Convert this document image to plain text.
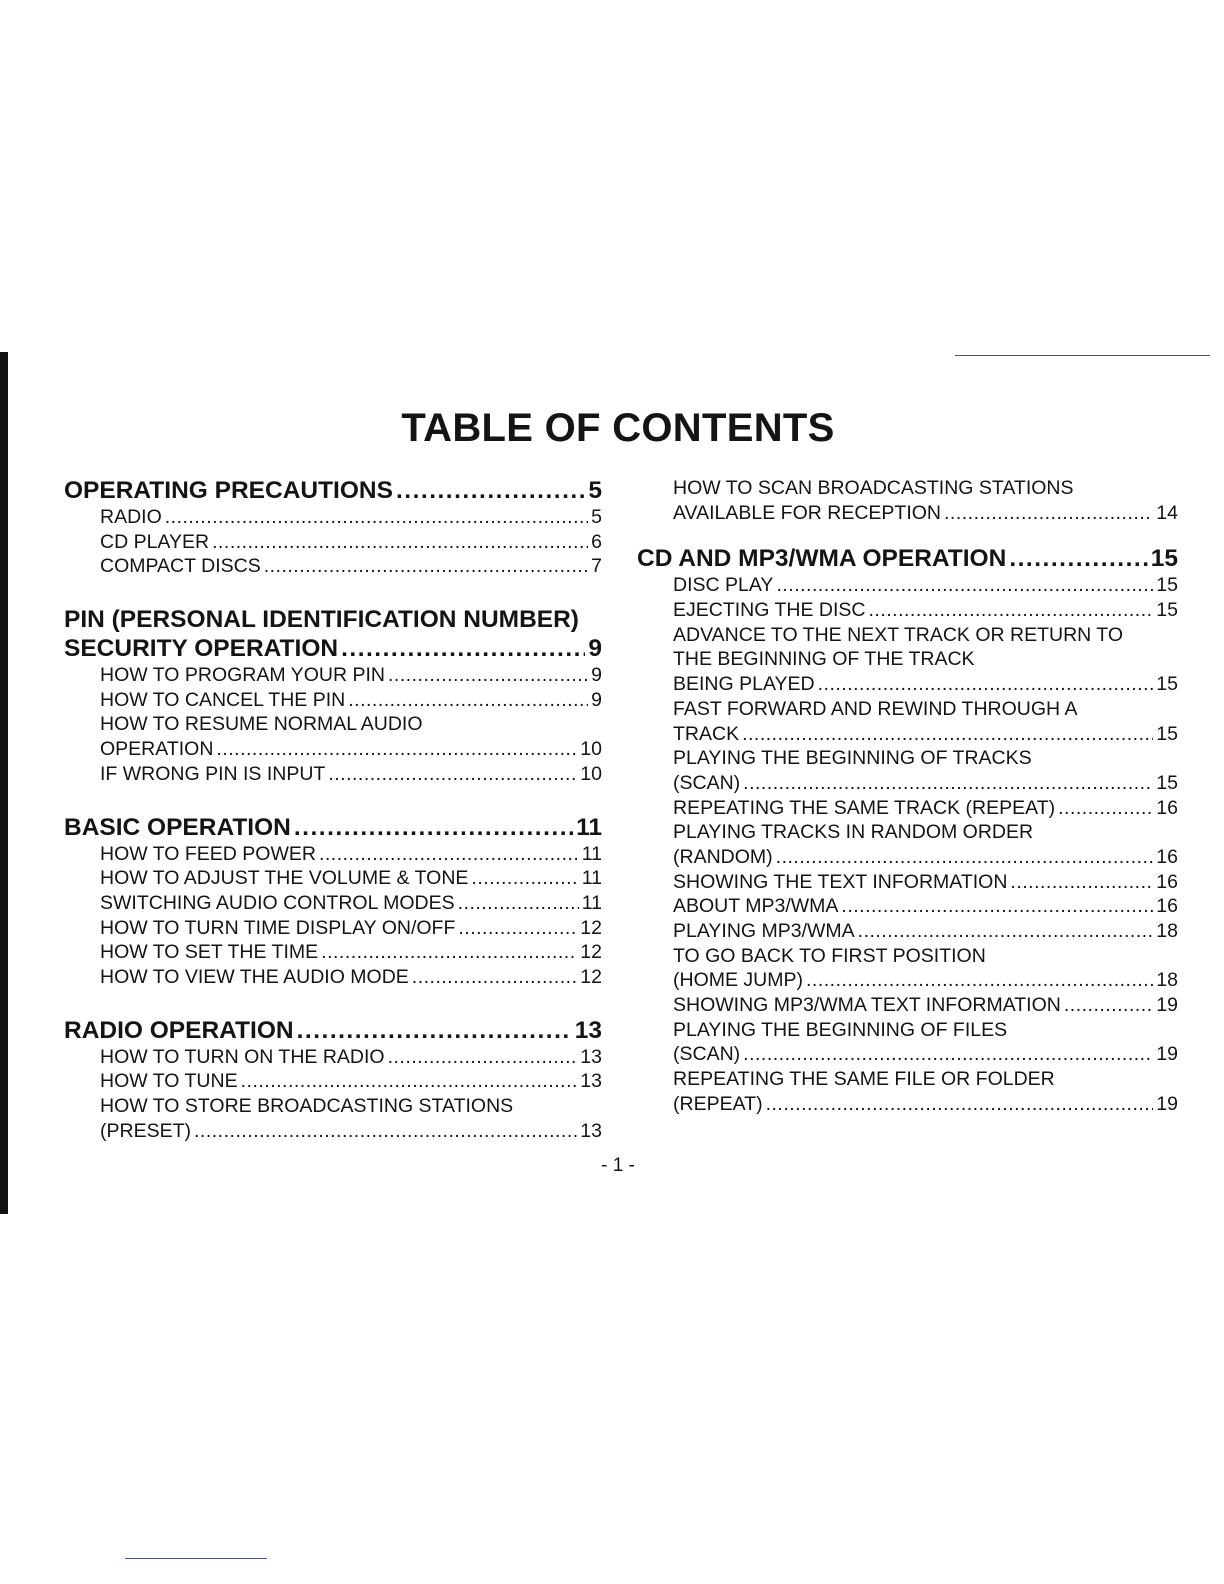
TABLE OF CONTENTS
OPERATING PRECAUTIONS .....	5
RADIO .....	5
CD PLAYER .....	6
COMPACT DISCS .....	7
PIN (PERSONAL IDENTIFICATION NUMBER)
SECURITY OPERATION .....	9
HOW TO PROGRAM YOUR PIN .....	9
HOW TO CANCEL THE PIN .....	9
HOW TO RESUME NORMAL AUDIO
OPERATION .....	10
IF WRONG PIN IS INPUT .....	10
BASIC OPERATION .....	11
HOW TO FEED POWER .....	11
HOW TO ADJUST THE VOLUME & TONE .....	11
SWITCHING AUDIO CONTROL MODES .....	11
HOW TO TURN TIME DISPLAY ON/OFF .....	12
HOW TO SET THE TIME .....	12
HOW TO VIEW THE AUDIO MODE .....	12
RADIO OPERATION .....	13
HOW TO TURN ON THE RADIO .....	13
HOW TO TUNE .....	13
HOW TO STORE BROADCASTING STATIONS
(PRESET) .....	13
HOW TO SCAN BROADCASTING STATIONS
AVAILABLE FOR RECEPTION .....	14
CD AND MP3/WMA OPERATION .....	15
DISC PLAY .....	15
EJECTING THE DISC .....	15
ADVANCE TO THE NEXT TRACK OR RETURN TO
THE BEGINNING OF THE TRACK
BEING PLAYED .....	15
FAST FORWARD AND REWIND THROUGH A
TRACK .....	15
PLAYING THE BEGINNING OF TRACKS
(SCAN) .....	15
REPEATING THE SAME TRACK (REPEAT) .....	16
PLAYING TRACKS IN RANDOM ORDER
(RANDOM) .....	16
SHOWING THE TEXT INFORMATION .....	16
ABOUT MP3/WMA .....	16
PLAYING MP3/WMA .....	18
TO GO BACK TO FIRST POSITION
(HOME JUMP) .....	18
SHOWING MP3/WMA TEXT INFORMATION .....	19
PLAYING THE BEGINNING OF FILES
(SCAN) .....	19
REPEATING THE SAME FILE OR FOLDER
(REPEAT) .....	19
- 1 -
